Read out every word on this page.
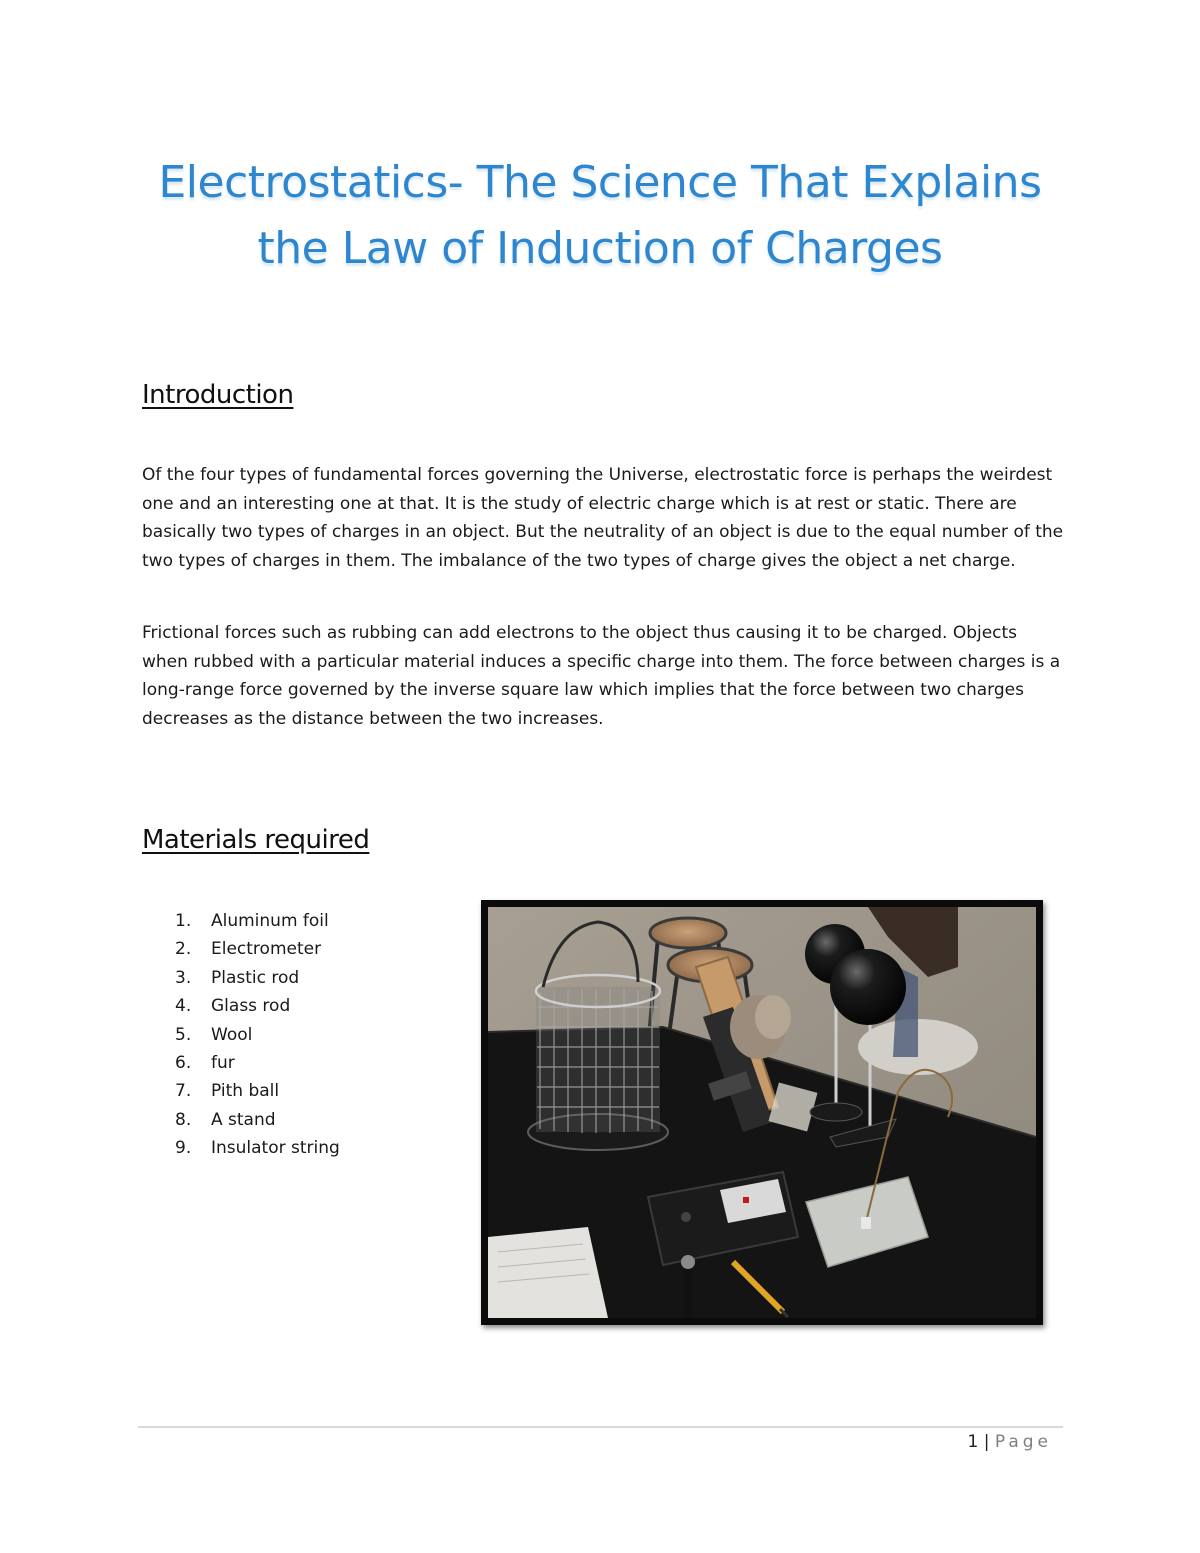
Electrostatics- The Science That Explains
the Law of Induction of Charges
Introduction

Of the four types of fundamental forces governing the Universe, electrostatic force is perhaps the weirdest one and an interesting one at that. It is the study of electric charge which is at rest or static. There are basically two types of charges in an object. But the neutrality of an object is due to the equal number of the two types of charges in them. The imbalance of the two types of charge gives the object a net charge.

Frictional forces such as rubbing can add electrons to the object thus causing it to be charged. Objects when rubbed with a particular material induces a specific charge into them. The force between charges is a long-range force governed by the inverse square law which implies that the force between two charges decreases as the distance between the two increases.

Materials required
1.	Aluminum foil
2.	Electrometer
3.	Plastic rod
4.	Glass rod
5.	Wool
6.	fur
7.	Pith ball
8.	A stand
9.	Insulator string
1 | Page
